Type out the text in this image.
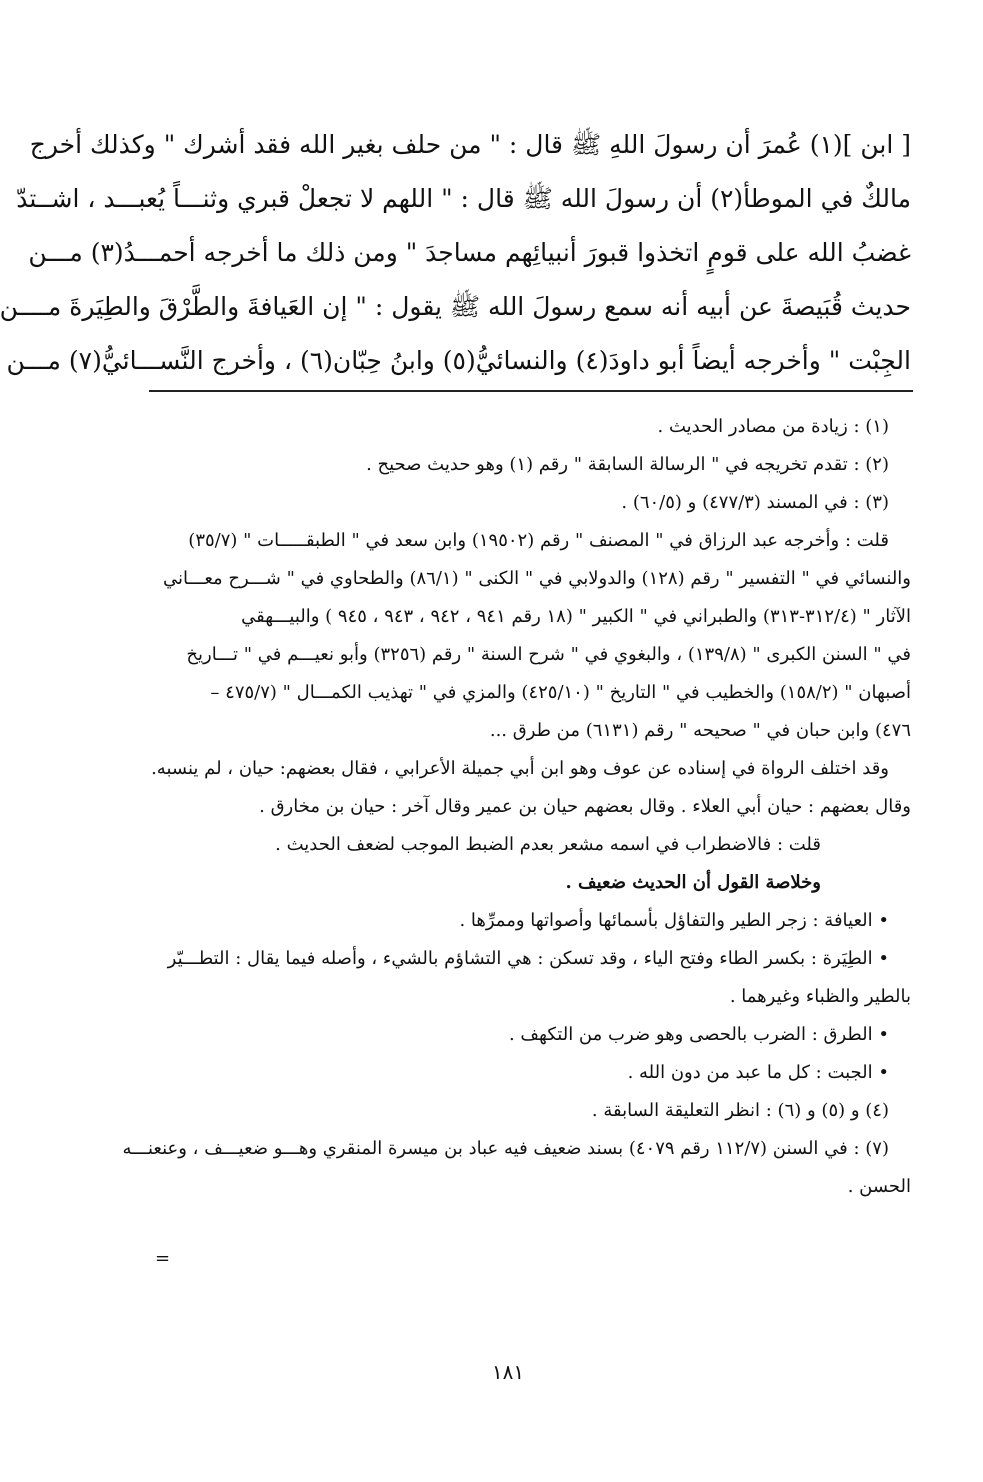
[ ابن ](١) عُمرَ أن رسولَ اللهِ ﷺ قال : " من حلف بغير الله فقد أشرك " وكذلك أخرج
مالكٌ في الموطأ(٢) أن رسولَ الله ﷺ قال : " اللهم لا تجعلْ قبري وثنـــاً يُعبـــد ، اشــتدّ
غضبُ الله على قومٍ اتخذوا قبورَ أنبيائِهم مساجدَ " ومن ذلك ما أخرجه أحمـــدُ(٣) مـــن
حديث قُبَيصةَ عن أبيه أنه سمع رسولَ الله ﷺ يقول : " إن العَيافةَ والطَّرْقَ والطِيَرةَ مــــن
الجِبْت " وأخرجه أيضاً أبو داودَ(٤) والنسائيُّ(٥) وابنُ حِبّان(٦) ، وأخرج النَّســـائيُّ(٧) مـــن

(١) : زيادة من مصادر الحديث .

(٢) : تقدم تخريجه في " الرسالة السابقة " رقم (١) وهو حديث صحيح .

(٣) : في المسند (٤٧٧/٣) و (٦٠/٥) .

قلت : وأخرجه عبد الرزاق في " المصنف " رقم (١٩٥٠٢) وابن سعد في " الطبقـــــات " (٣٥/٧)

والنسائي في " التفسير " رقم (١٢٨) والدولابي في " الكنى " (٨٦/١) والطحاوي في " شـــرح معـــاني

الآثار " (٣١٢/٤-٣١٣) والطبراني في " الكبير " (١٨ رقم ٩٤١ ، ٩٤٢ ، ٩٤٣ ، ٩٤٥ ) والبيـــهقي

في " السنن الكبرى " (١٣٩/٨) ، والبغوي في " شرح السنة " رقم (٣٢٥٦) وأبو نعيـــم في " تـــاريخ

أصبهان " (١٥٨/٢) والخطيب في " التاريخ " (٤٢٥/١٠) والمزي في " تهذيب الكمـــال " (٤٧٥/٧ –

٤٧٦) وابن حبان في " صحيحه " رقم (٦١٣١) من طرق ...

وقد اختلف الرواة في إسناده عن عوف وهو ابن أبي جميلة الأعرابي ، فقال بعضهم: حيان ، لم ينسبه.

وقال بعضهم : حيان أبي العلاء . وقال بعضهم حيان بن عمير وقال آخر : حيان بن مخارق .

قلت : فالاضطراب في اسمه مشعر بعدم الضبط الموجب لضعف الحديث .

وخلاصة القول أن الحديث ضعيف .

• العيافة : زجر الطير والتفاؤل بأسمائها وأصواتها وممرِّها .

• الطِيَرة : بكسر الطاء وفتح الياء ، وقد تسكن : هي التشاؤم بالشيء ، وأصله فيما يقال : التطـــيّر

بالطير والظباء وغيرهما .

• الطرق : الضرب بالحصى وهو ضرب من التكهف .

• الجبت : كل ما عبد من دون الله .

(٤) و (٥) و (٦) : انظر التعليقة السابقة .

(٧) : في السنن (١١٢/٧ رقم ٤٠٧٩) بسند ضعيف فيه عباد بن ميسرة المنقري وهـــو ضعيـــف ، وعنعنـــه

الحسن .

=
١٨١
